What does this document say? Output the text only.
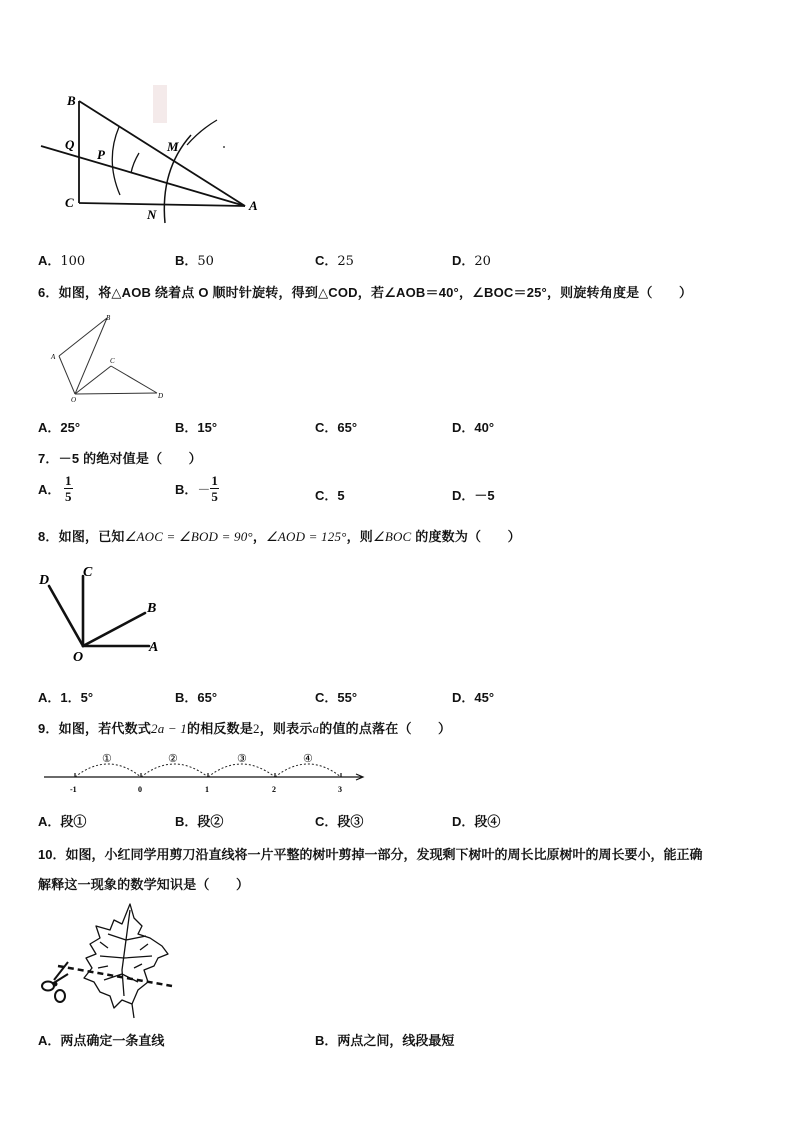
B
Q
P
M
C
N
A
A．100	B．50	C．25	D．20
6．如图，将△AOB 绕着点 O 顺时针旋转，得到△COD，若∠AOB＝40°，∠BOC＝25°，则旋转角度是（　　）
B
A	C
O	D
A．25°	B．15°	C．65°	D．40°
7．－5 的绝对值是（　　）
A． $\frac{1}{5}$	B．－ $\frac{1}{5}$	C．5	D．－5
8．如图，已知∠AOC = ∠BOD = 90°，∠AOD = 125°，则∠BOC 的度数为（　　）
D
C
B
O
A
A．1．5°	B．65°	C．55°	D．45°
9．如图，若代数式2a − 1的相反数是2，则表示a的值的点落在（　　）
①	②	③	④
-1	0	1	2	3
A．段①	B．段②	C．段③	D．段④
10．如图，小红同学用剪刀沿直线将一片平整的树叶剪掉一部分，发现剩下树叶的周长比原树叶的周长要小，能正确
解释这一现象的数学知识是（　　）
A．两点确定一条直线	B．两点之间，线段最短
